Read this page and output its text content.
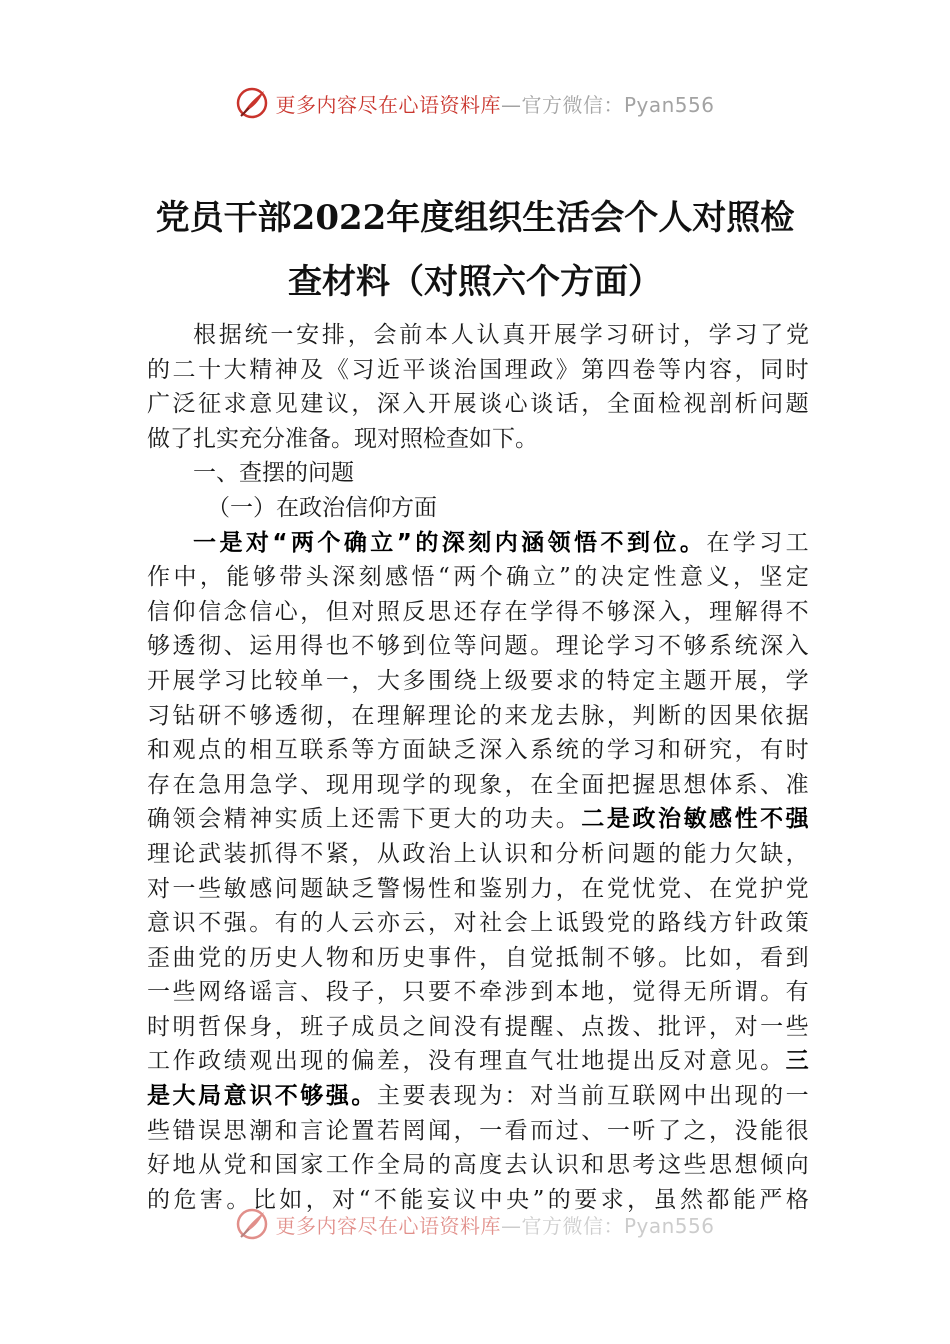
更多内容尽在心语资料库—官方微信：Pyan556
党员干部2022年度组织生活会个人对照检
查材料（对照六个方面）
根 据 统 一 安 排 ， 会 前 本 人 认 真 开 展 学 习 研 讨 ， 学 习 了 党
的 二 十 大 精 神 及 《 习 近 平 谈 治 国 理 政 》 第 四 卷 等 内 容 ， 同 时
广 泛 征 求 意 见 建 议 ， 深 入 开 展 谈 心 谈 话 ， 全 面 检 视 剖 析 问 题
做了扎实充分准备。现对照检查如下。
一、查摆的问题
（一）在政治信仰方面
一 是 对 “ 两 个 确 立 ” 的 深 刻 内 涵 领 悟 不 到 位 。 在 学 习 工
作 中 ， 能 够 带 头 深 刻 感 悟 “ 两 个 确 立 ” 的 决 定 性 意 义 ， 坚 定
信 仰 信 念 信 心 ， 但 对 照 反 思 还 存 在 学 得 不 够 深 入 ， 理 解 得 不
够 透 彻 、 运 用 得 也 不 够 到 位 等 问 题 。 理 论 学 习 不 够 系 统 深 入
开 展 学 习 比 较 单 一 ， 大 多 围 绕 上 级 要 求 的 特 定 主 题 开 展 ， 学
习 钻 研 不 够 透 彻 ， 在 理 解 理 论 的 来 龙 去 脉 ， 判 断 的 因 果 依 据
和 观 点 的 相 互 联 系 等 方 面 缺 乏 深 入 系 统 的 学 习 和 研 究 ， 有 时
存 在 急 用 急 学 、 现 用 现 学 的 现 象 ， 在 全 面 把 握 思 想 体 系 、 准
确 领 会 精 神 实 质 上 还 需 下 更 大 的 功 夫 。 二 是 政 治 敏 感 性 不 强
理 论 武 装 抓 得 不 紧 ， 从 政 治 上 认 识 和 分 析 问 题 的 能 力 欠 缺 ，
对 一 些 敏 感 问 题 缺 乏 警 惕 性 和 鉴 别 力 ， 在 党 忧 党 、 在 党 护 党
意 识 不 强 。 有 的 人 云 亦 云 ， 对 社 会 上 诋 毁 党 的 路 线 方 针 政 策
歪 曲 党 的 历 史 人 物 和 历 史 事 件 ， 自 觉 抵 制 不 够 。 比 如 ， 看 到
一 些 网 络 谣 言 、 段 子 ， 只 要 不 牵 涉 到 本 地 ， 觉 得 无 所 谓 。 有
时 明 哲 保 身 ， 班 子 成 员 之 间 没 有 提 醒 、 点 拨 、 批 评 ， 对 一 些
工 作 政 绩 观 出 现 的 偏 差 ， 没 有 理 直 气 壮 地 提 出 反 对 意 见 。 三
是 大 局 意 识 不 够 强 。 主 要 表 现 为 ： 对 当 前 互 联 网 中 出 现 的 一
些 错 误 思 潮 和 言 论 置 若 罔 闻 ， 一 看 而 过 、 一 听 了 之 ， 没 能 很
好 地 从 党 和 国 家 工 作 全 局 的 高 度 去 认 识 和 思 考 这 些 思 想 倾 向
的 危 害 。 比 如 ， 对 “ 不 能 妄 议 中 央 ” 的 要 求 ， 虽 然 都 能 严 格
更多内容尽在心语资料库—官方微信：Pyan556
